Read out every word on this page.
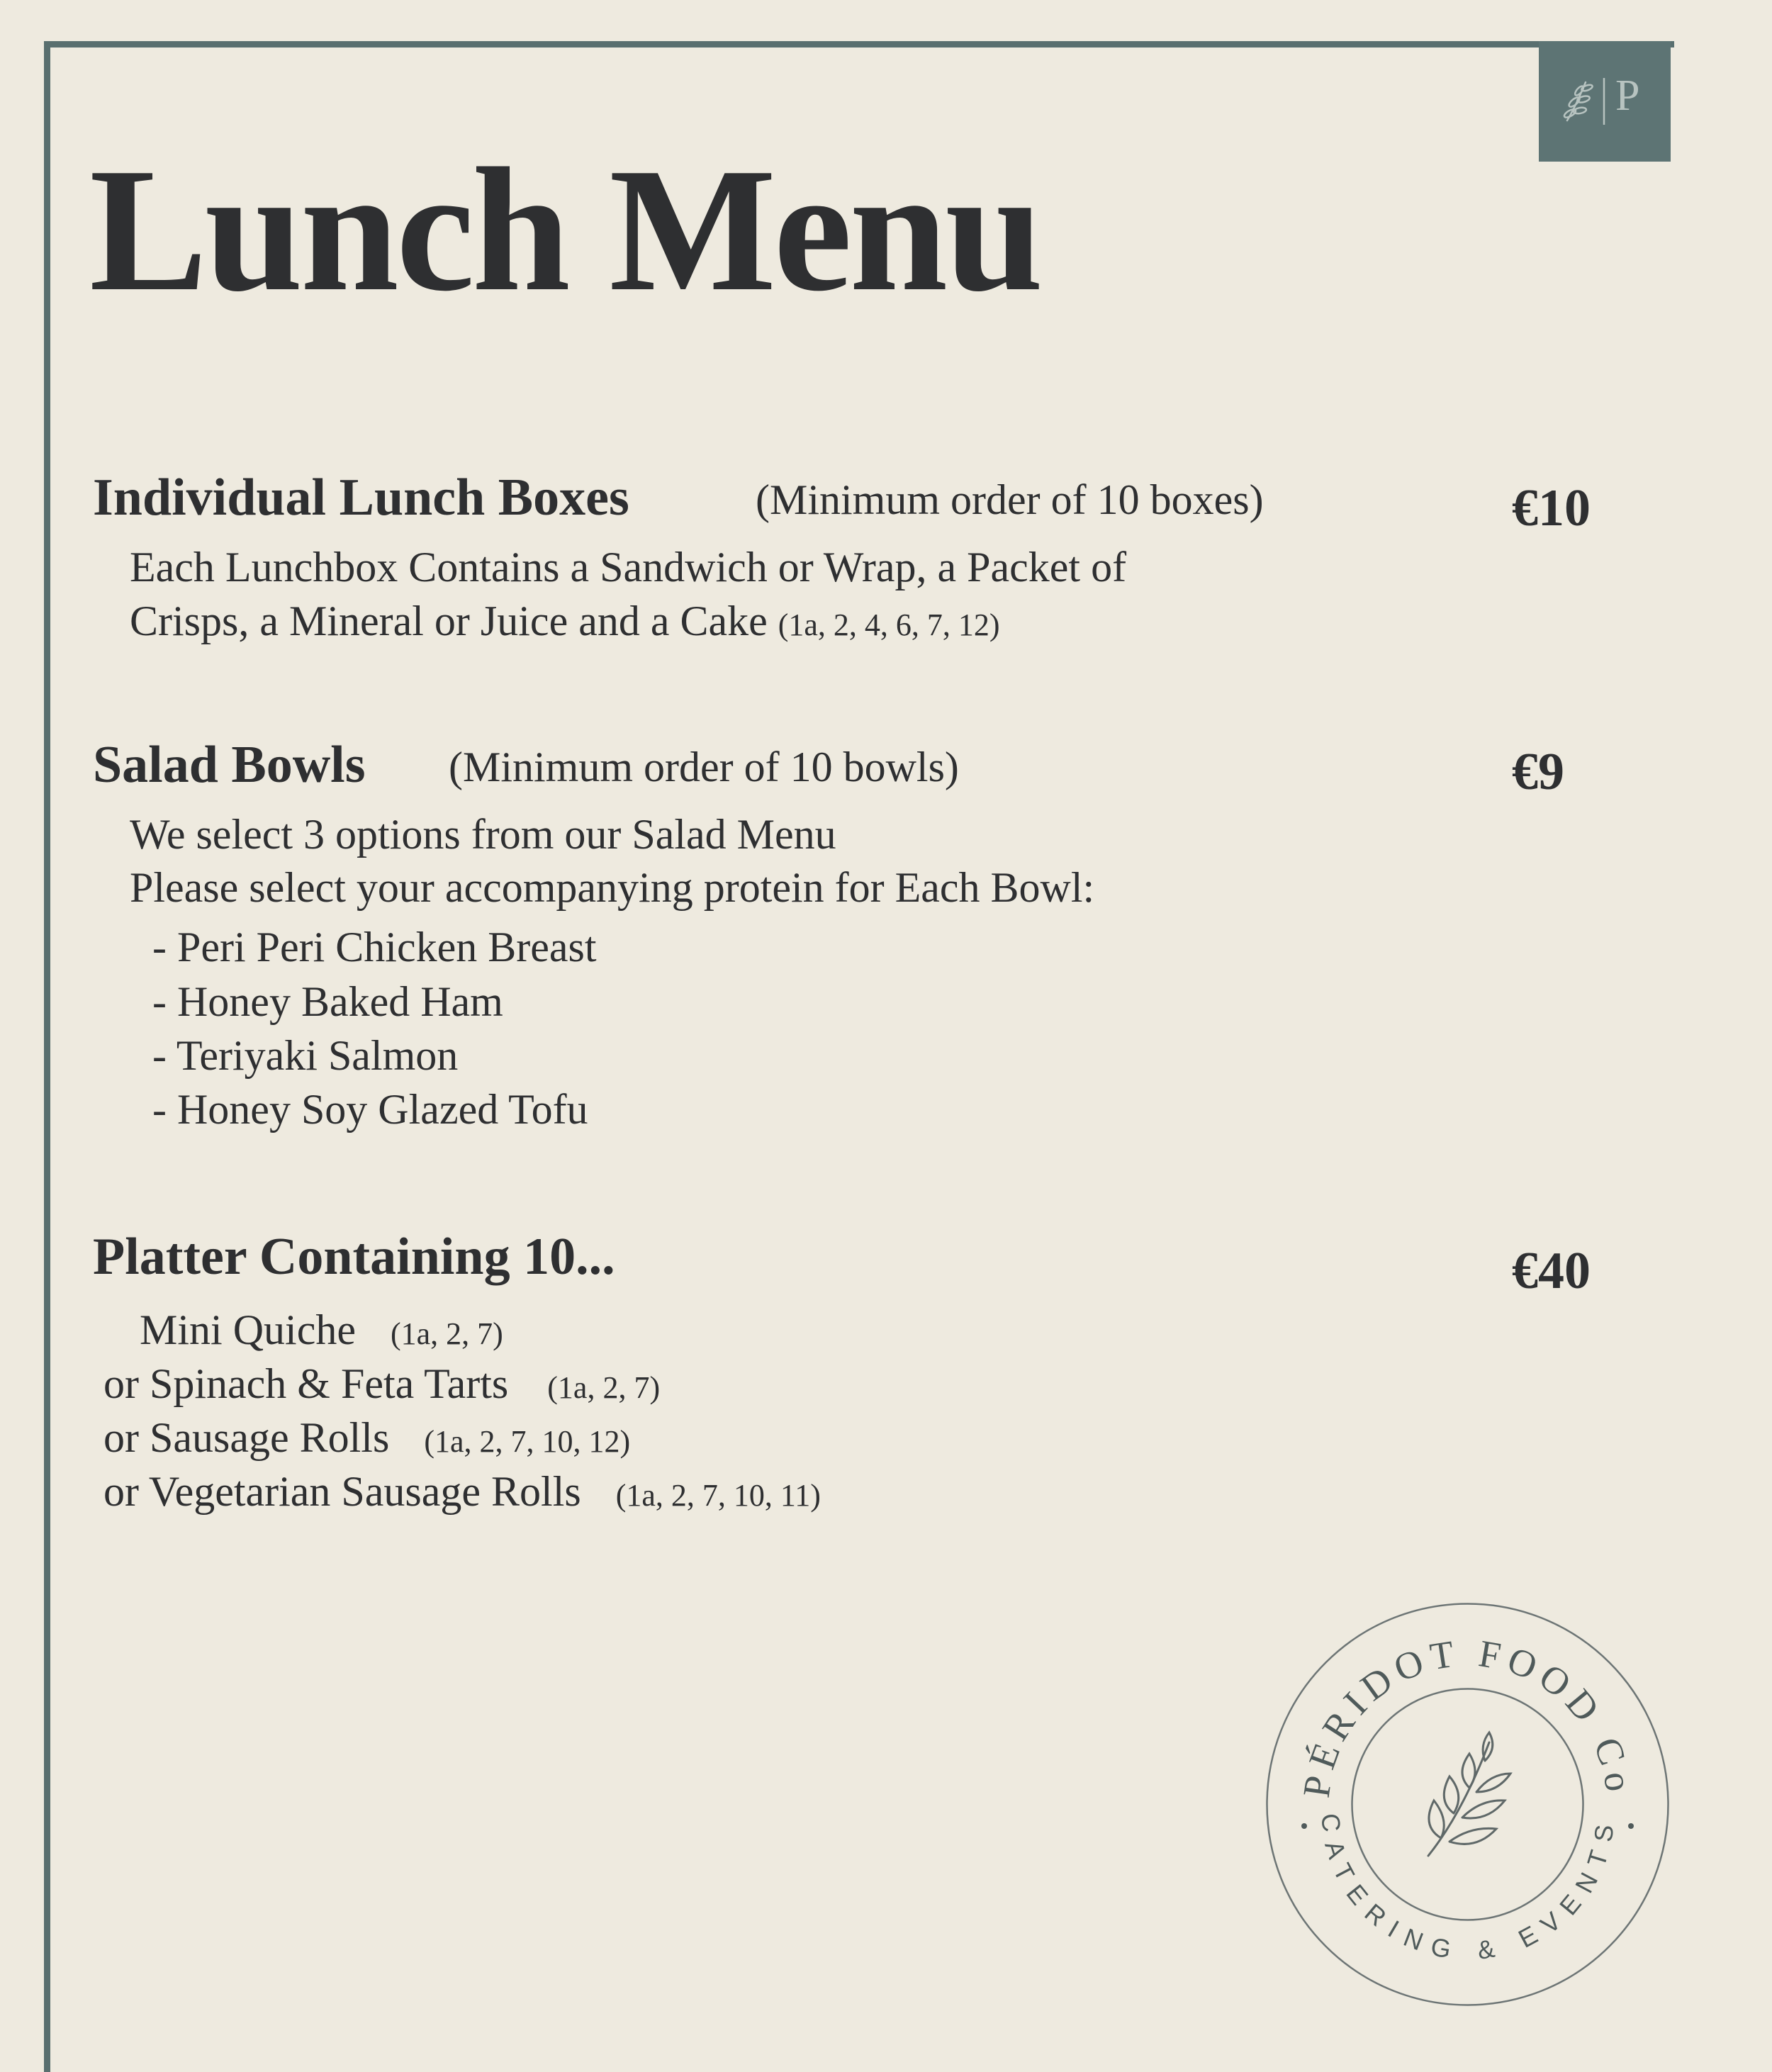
P
Lunch Menu
Individual Lunch Boxes	(Minimum order of 10 boxes)	€10
Each Lunchbox Contains a Sandwich or Wrap, a Packet of
Crisps, a Mineral or Juice and a Cake (1a, 2, 4, 6, 7, 12)
Salad Bowls (Minimum order of 10 bowls)	€9
We select 3 options from our Salad Menu
Please select your accompanying protein for Each Bowl:
- Peri Peri Chicken Breast
- Honey Baked Ham
- Teriyaki Salmon
- Honey Soy Glazed Tofu
Platter Containing 10...	€40
Mini Quiche (1a, 2, 7)
or Spinach & Feta Tarts (1a, 2, 7)
or Sausage Rolls (1a, 2, 7, 10, 12)
or Vegetarian Sausage Rolls (1a, 2, 7, 10, 11)
PÉRIDOT FOOD Co
CATERING & EVENTS
